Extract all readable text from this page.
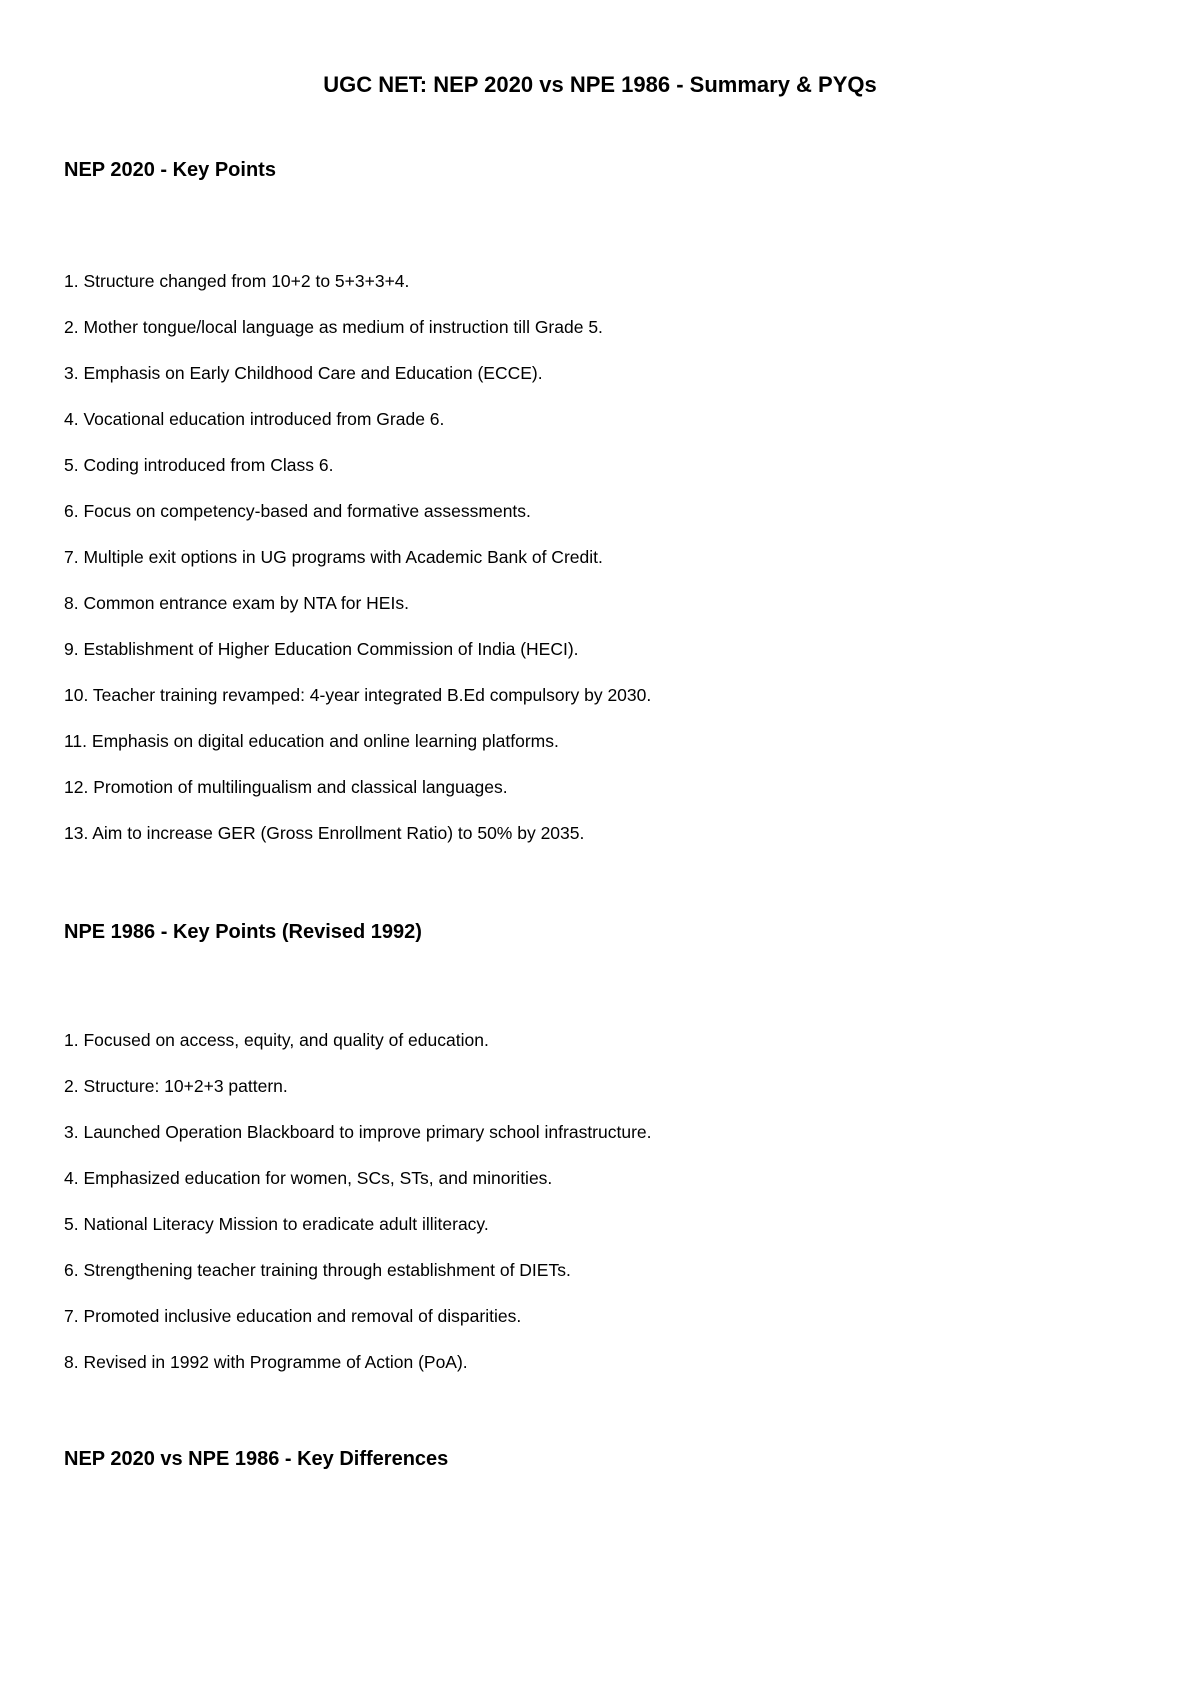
UGC NET: NEP 2020 vs NPE 1986 - Summary & PYQs
NEP 2020 - Key Points
1. Structure changed from 10+2 to 5+3+3+4.
2. Mother tongue/local language as medium of instruction till Grade 5.
3. Emphasis on Early Childhood Care and Education (ECCE).
4. Vocational education introduced from Grade 6.
5. Coding introduced from Class 6.
6. Focus on competency-based and formative assessments.
7. Multiple exit options in UG programs with Academic Bank of Credit.
8. Common entrance exam by NTA for HEIs.
9. Establishment of Higher Education Commission of India (HECI).
10. Teacher training revamped: 4-year integrated B.Ed compulsory by 2030.
11. Emphasis on digital education and online learning platforms.
12. Promotion of multilingualism and classical languages.
13. Aim to increase GER (Gross Enrollment Ratio) to 50% by 2035.
NPE 1986 - Key Points (Revised 1992)
1. Focused on access, equity, and quality of education.
2. Structure: 10+2+3 pattern.
3. Launched Operation Blackboard to improve primary school infrastructure.
4. Emphasized education for women, SCs, STs, and minorities.
5. National Literacy Mission to eradicate adult illiteracy.
6. Strengthening teacher training through establishment of DIETs.
7. Promoted inclusive education and removal of disparities.
8. Revised in 1992 with Programme of Action (PoA).
NEP 2020 vs NPE 1986 - Key Differences
